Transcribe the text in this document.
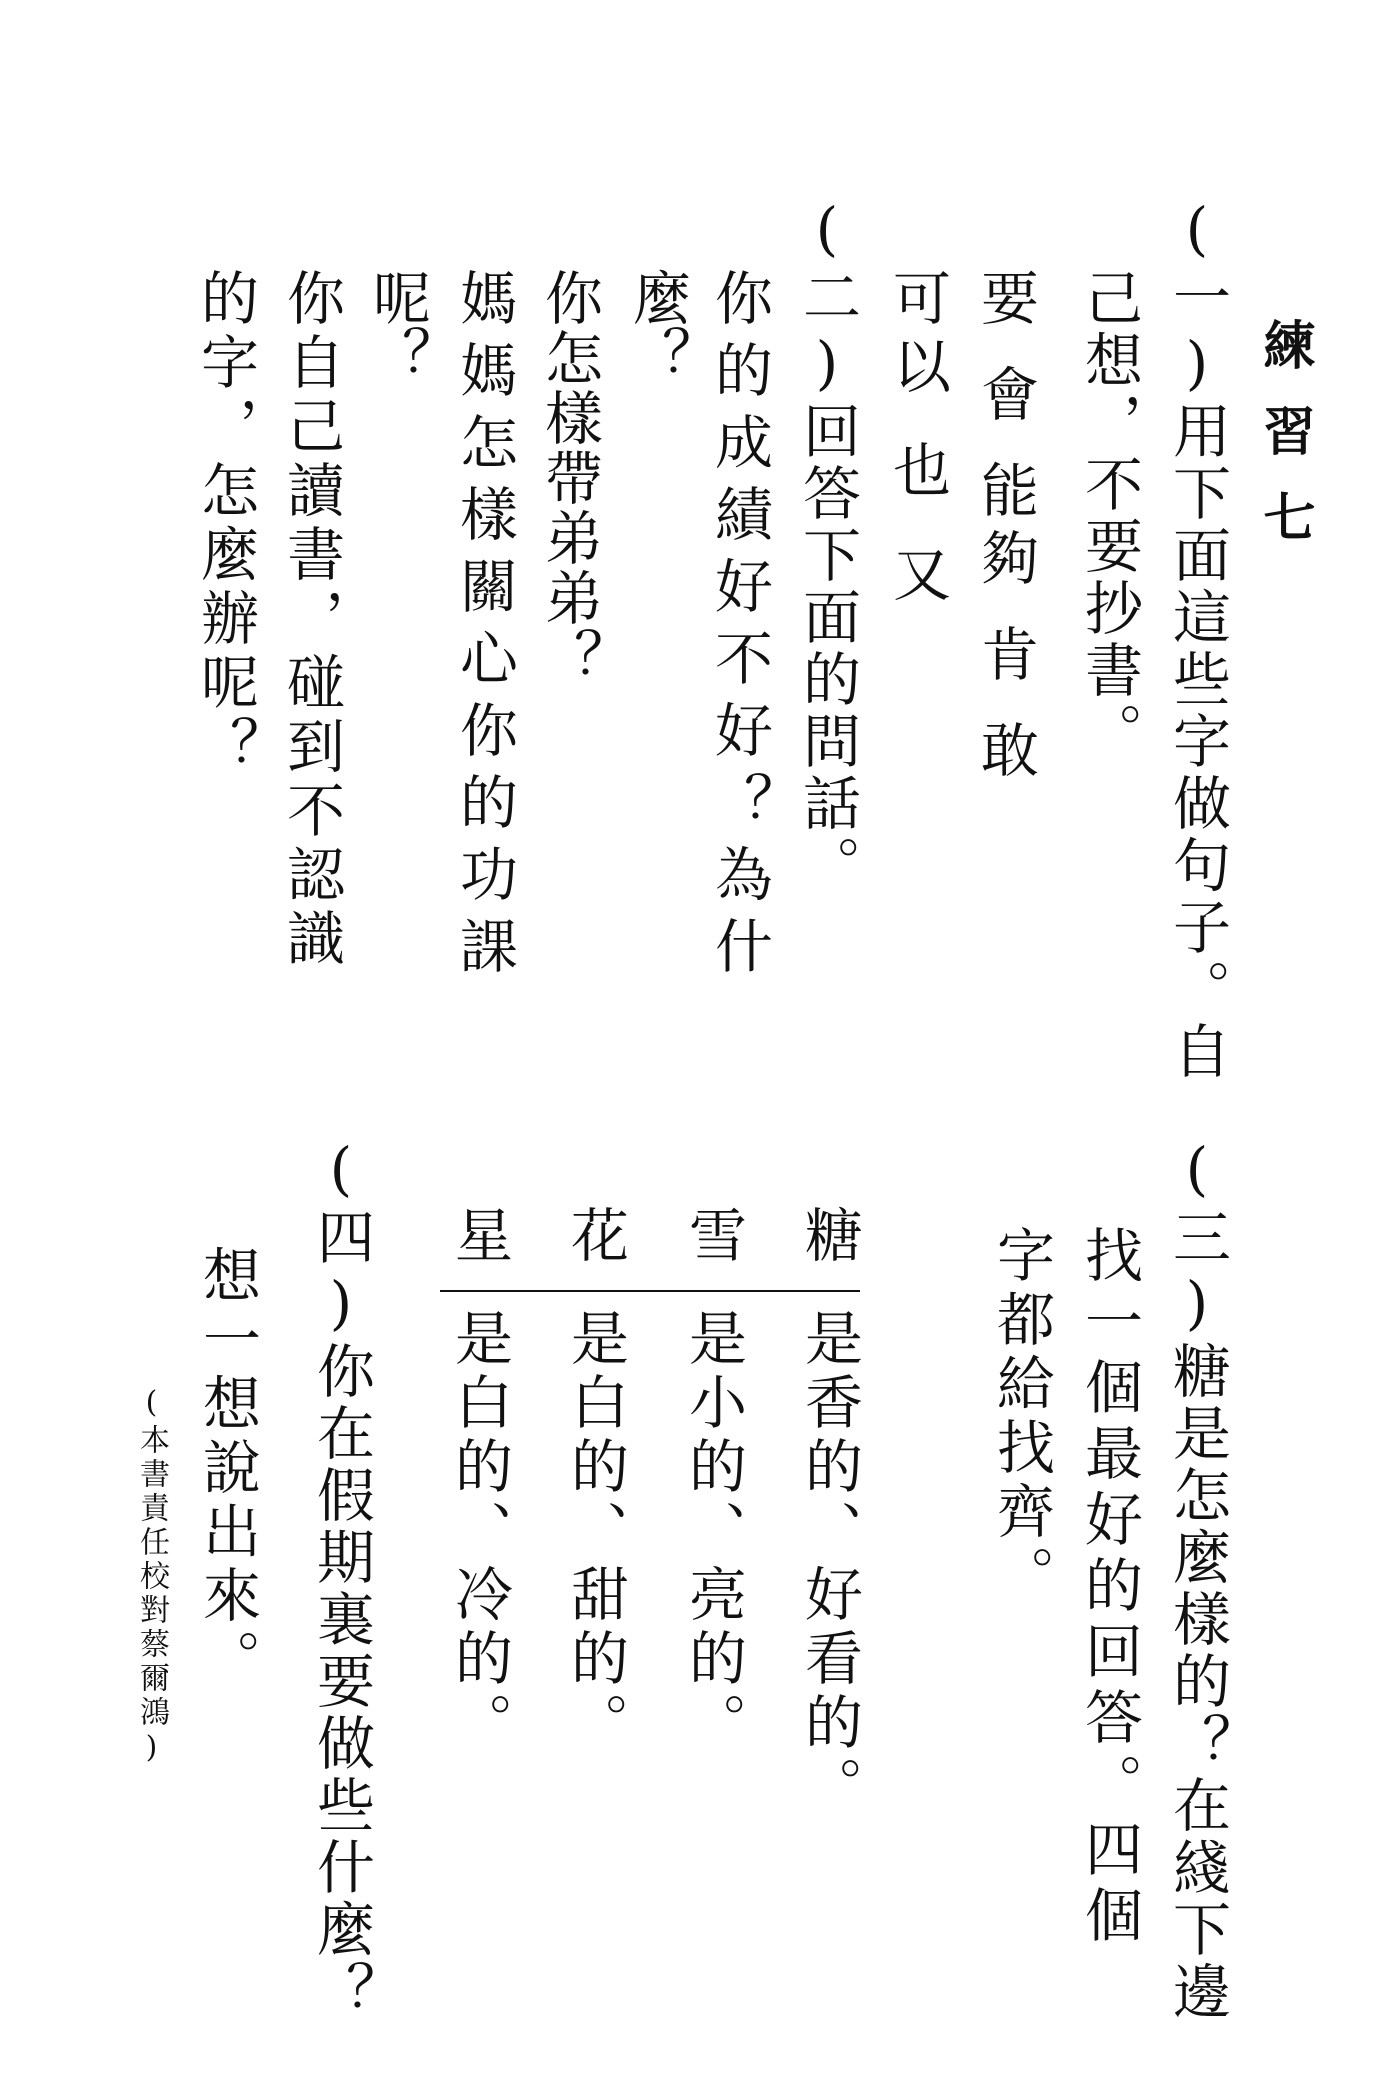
練習七
(一)用下面這些字做句子。自
己想，不要抄書。
要會能夠肯敢
可以也又
(二)回答下面的問話。
你的成績好不好？為什
麼？
你怎樣帶弟弟？
媽媽怎樣關心你的功課
呢？
你自己讀書，碰到不認識
的字，怎麼辦呢？
(三)糖是怎麼樣的？在綫下邊
找一個最好的回答。四個
字都給找齊。
糖
是香的、好看的。
雪
是小的、亮的。
花
是白的、甜的。
星
是白的、冷的。
(四)你在假期裏要做些什麼？
想一想說出來。
(本書責任校對蔡爾鴻)
